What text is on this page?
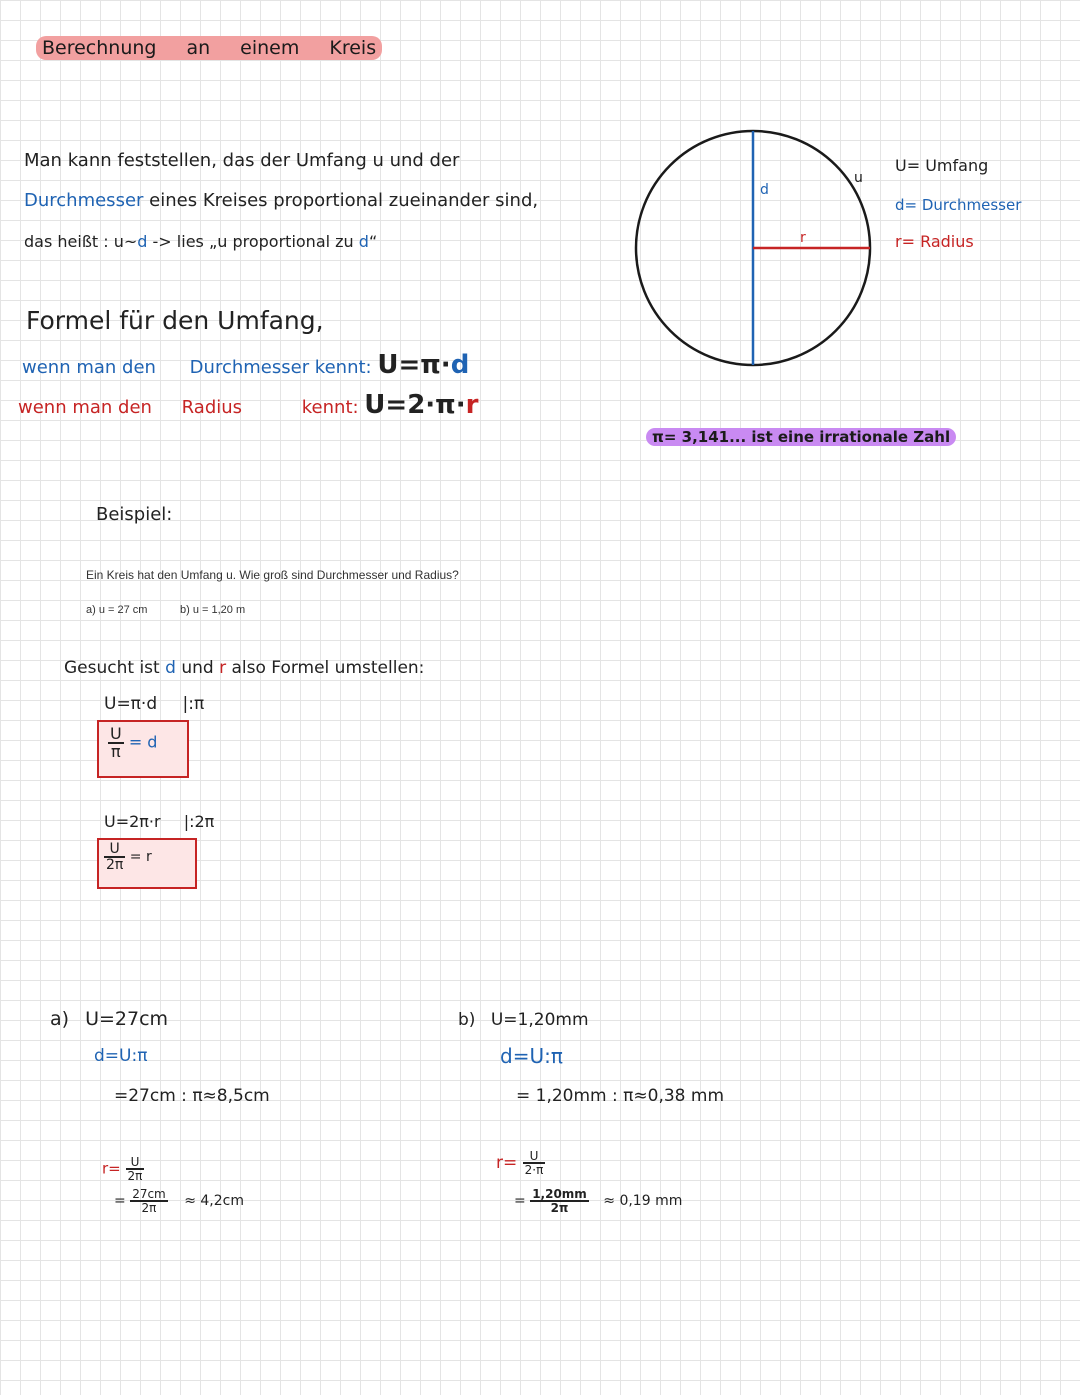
Berechnung an einem Kreis
Man kann feststellen, das der Umfang u und der
Durchmesser eines Kreises proportional zueinander sind,
das heißt : u~d -> lies „u proportional zu d“
Formel für den Umfang,
wenn man den Durchmesser kennt: U=π·d
wenn man den Radius	kennt: U=2·π·r
d
r
u
U= Umfang
d= Durchmesser
r= Radius
π= 3,141... ist eine irrationale Zahl
Beispiel:
Ein Kreis hat den Umfang u. Wie groß sind Durchmesser und Radius?
a) u = 27 cm	b) u = 1,20 m
Gesucht ist d und r also Formel umstellen:
U=π·d |:π
$\frac{U}{\pi} = d$
U=2π·r |:2π
$\frac{U}{2\pi} = r$
a) U=27cm
d=U:π
=27cm : π≈8,5cm
$r= \frac{U}{2\pi}$
= $\frac{27cm}{2\pi} \approx 4,2cm$
b) U=1,20mm
d=U:π
= 1,20mm : π≈0,38 mm
$r= \frac{U}{2\cdot\pi}$
= $\frac{1,20mm}{2\pi} \approx 0,19$ mm
